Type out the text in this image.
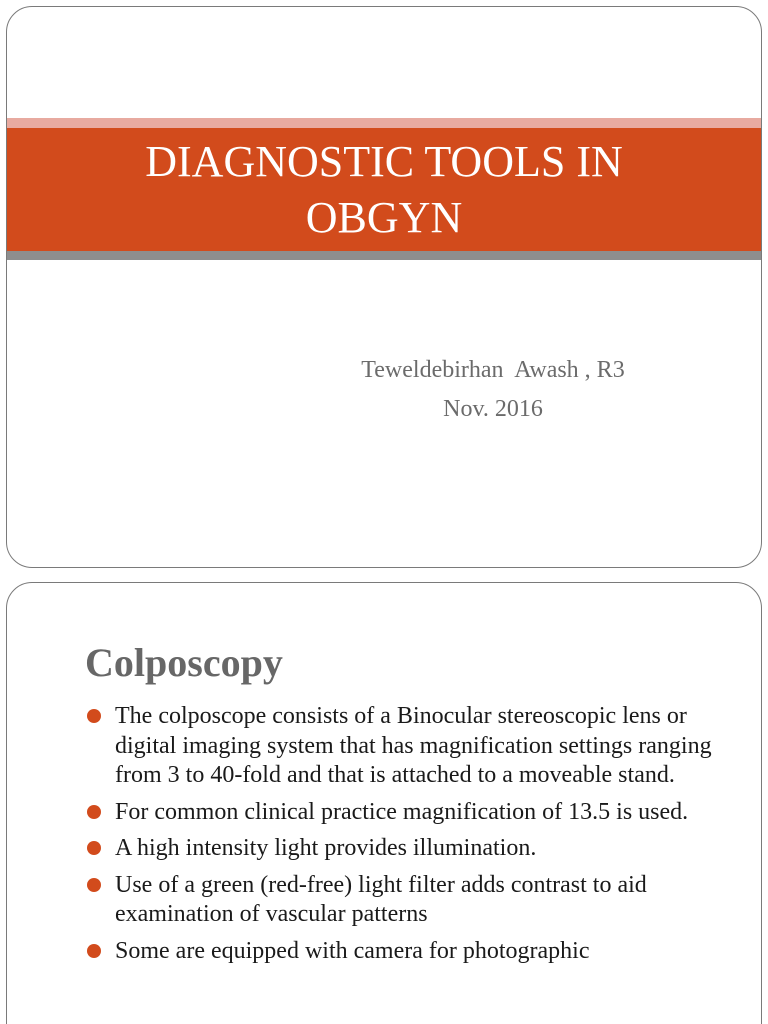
DIAGNOSTIC TOOLS IN
OBGYN
Teweldebirhan  Awash , R3
Nov. 2016
Colposcopy
The colposcope consists of a Binocular stereoscopic lens or digital imaging system that has magnification settings ranging from 3 to 40-fold and that is attached to a moveable stand.
For common clinical practice magnification of 13.5 is used.
A high intensity light provides illumination.
Use of a green (red-free) light filter adds contrast to aid examination of vascular patterns
Some are equipped with camera for photographic
